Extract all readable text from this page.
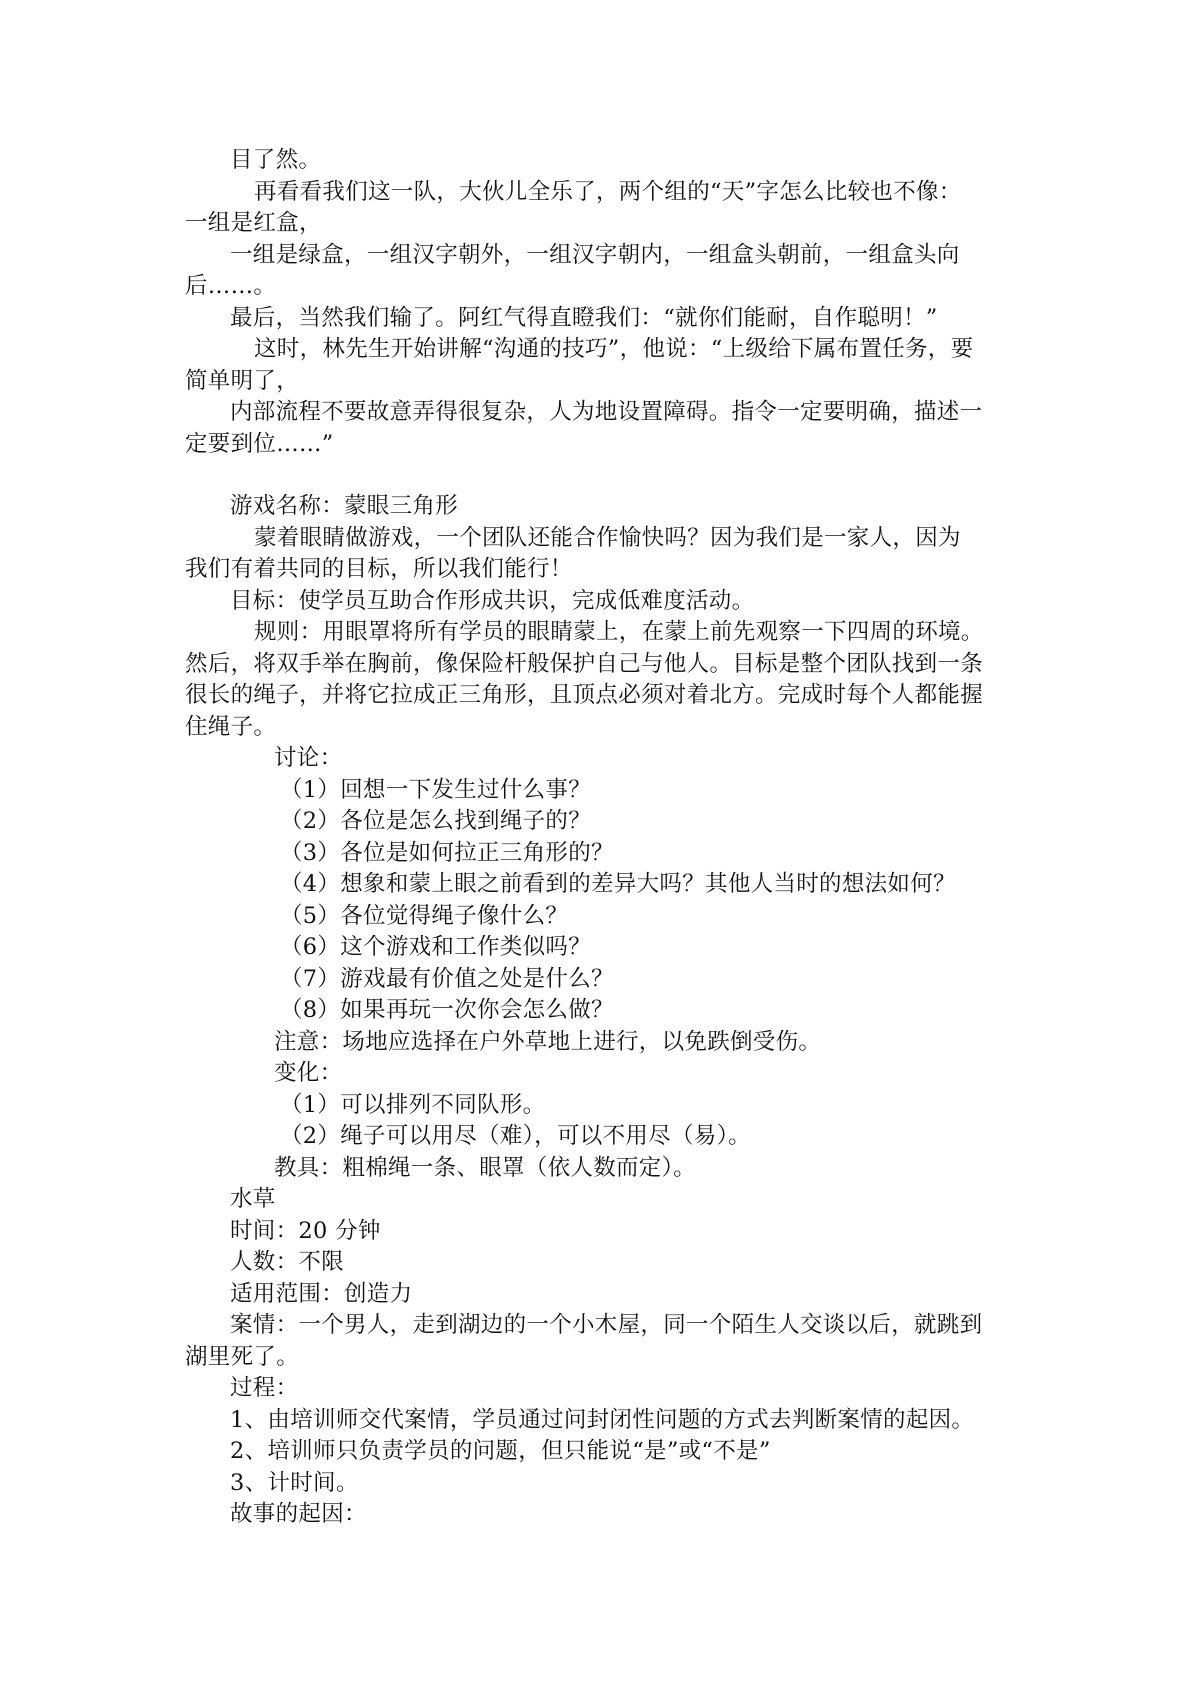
目了然。
再看看我们这一队，大伙儿全乐了，两个组的“天”字怎么比较也不像：
一组是红盒，
一组是绿盒，一组汉字朝外，一组汉字朝内，一组盒头朝前，一组盒头向
后……。
最后，当然我们输了。阿红气得直瞪我们：“就你们能耐，自作聪明！”
这时，林先生开始讲解“沟通的技巧”，他说：“上级给下属布置任务，要
简单明了，
内部流程不要故意弄得很复杂，人为地设置障碍。指令一定要明确，描述一
定要到位……”
游戏名称：蒙眼三角形
蒙着眼睛做游戏，一个团队还能合作愉快吗？因为我们是一家人，因为
我们有着共同的目标，所以我们能行！
目标：使学员互助合作形成共识，完成低难度活动。
规则：用眼罩将所有学员的眼睛蒙上，在蒙上前先观察一下四周的环境。
然后，将双手举在胸前，像保险杆般保护自己与他人。目标是整个团队找到一条
很长的绳子，并将它拉成正三角形，且顶点必须对着北方。完成时每个人都能握
住绳子。
讨论：
（1）回想一下发生过什么事？
（2）各位是怎么找到绳子的？
（3）各位是如何拉正三角形的？
（4）想象和蒙上眼之前看到的差异大吗？其他人当时的想法如何？
（5）各位觉得绳子像什么？
（6）这个游戏和工作类似吗？
（7）游戏最有价值之处是什么？
（8）如果再玩一次你会怎么做？
注意：场地应选择在户外草地上进行，以免跌倒受伤。
变化：
（1）可以排列不同队形。
（2）绳子可以用尽（难），可以不用尽（易）。
教具：粗棉绳一条、眼罩（依人数而定）。
水草
时间：20 分钟
人数：不限
适用范围：创造力
案情：一个男人，走到湖边的一个小木屋，同一个陌生人交谈以后，就跳到
湖里死了。
过程：
1、由培训师交代案情，学员通过问封闭性问题的方式去判断案情的起因。
2、培训师只负责学员的问题，但只能说“是”或“不是”
3、计时间。
故事的起因：
